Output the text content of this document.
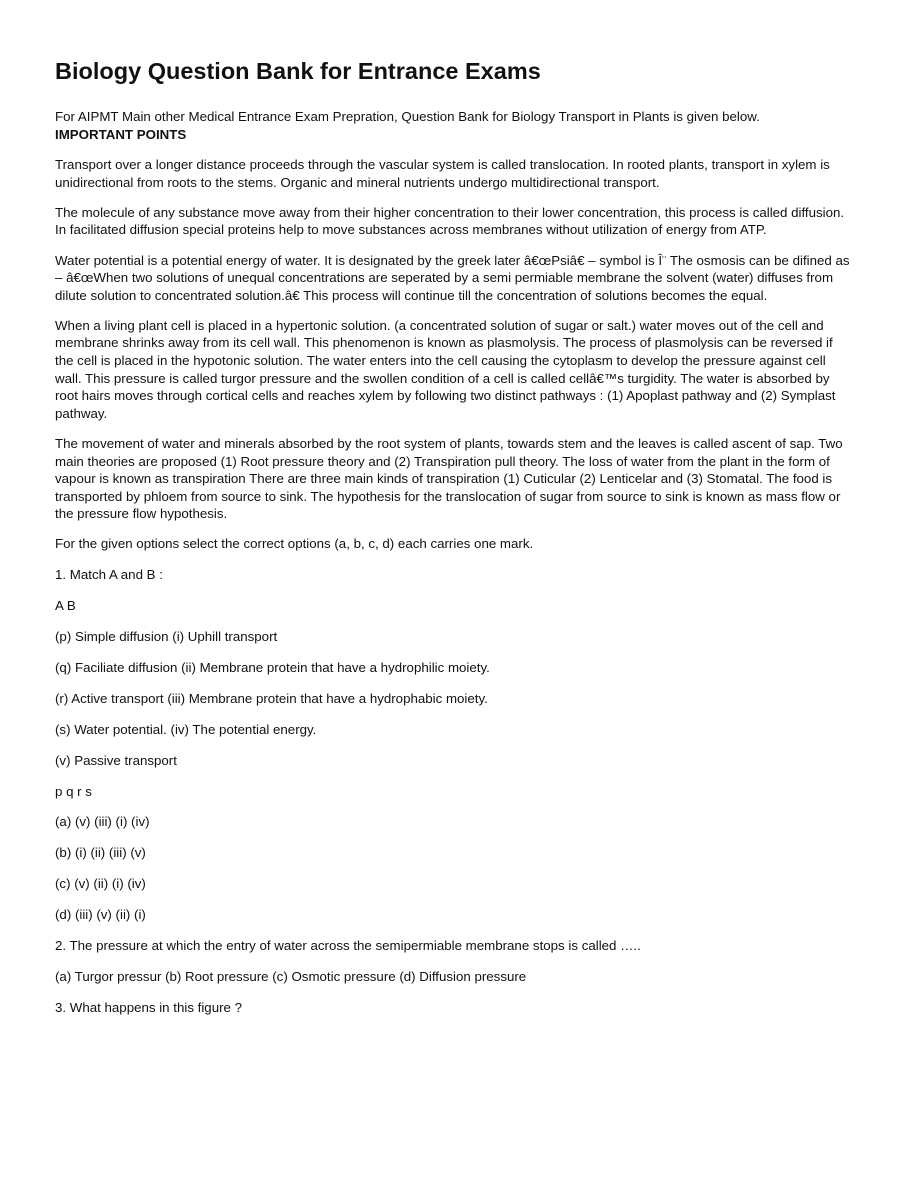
Biology Question Bank for Entrance Exams

For AIPMT Main other Medical Entrance Exam Prepration, Question Bank for Biology Transport in Plants is given below.

IMPORTANT POINTS

Transport over a longer distance proceeds through the vascular system is called translocation. In rooted plants, transport in xylem is unidirectional from roots to the stems. Organic and mineral nutrients undergo multidirectional transport.

The molecule of any substance move away from their higher concentration to their lower concentration, this process is called diffusion. In facilitated diffusion special proteins help to move substances across membranes without utilization of energy from ATP.

Water potential is a potential energy of water. It is designated by the greek later â€œPsiâ€ – symbol is Î¨ The osmosis can be difined as – â€œWhen two solutions of unequal concentrations are seperated by a semi permiable membrane the solvent (water) diffuses from dilute solution to concentrated solution.â€ This process will continue till the concentration of solutions becomes the equal.

When a living plant cell is placed in a hypertonic solution. (a concentrated solution of sugar or salt.) water moves out of the cell and membrane shrinks away from its cell wall. This phenomenon is known as plasmolysis. The process of plasmolysis can be reversed if the cell is placed in the hypotonic solution. The water enters into the cell causing the cytoplasm to develop the pressure against cell wall. This pressure is called turgor pressure and the swollen condition of a cell is called cellâ€™s turgidity. The water is absorbed by root hairs moves through cortical cells and reaches xylem by following two distinct pathways : (1) Apoplast pathway and (2) Symplast pathway.

The movement of water and minerals absorbed by the root system of plants, towards stem and the leaves is called ascent of sap. Two main theories are proposed (1) Root pressure theory and (2) Transpiration pull theory. The loss of water from the plant in the form of vapour is known as transpiration There are three main kinds of transpiration (1) Cuticular (2) Lenticelar and (3) Stomatal. The food is transported by phloem from source to sink. The hypothesis for the translocation of sugar from source to sink is known as mass flow or the pressure flow hypothesis.

For the given options select the correct options (a, b, c, d) each carries one mark.

1. Match A and B :

A B

(p) Simple diffusion (i) Uphill transport

(q) Faciliate diffusion (ii) Membrane protein that have a hydrophilic moiety.

(r) Active transport (iii) Membrane protein that have a hydrophabic moiety.

(s) Water potential. (iv) The potential energy.

(v) Passive transport

p q r s

(a) (v) (iii) (i) (iv)

(b) (i) (ii) (iii) (v)

(c) (v) (ii) (i) (iv)

(d) (iii) (v) (ii) (i)

2. The pressure at which the entry of water across the semipermiable membrane stops is called …..

(a) Turgor pressur (b) Root pressure (c) Osmotic pressure (d) Diffusion pressure

3. What happens in this figure ?
